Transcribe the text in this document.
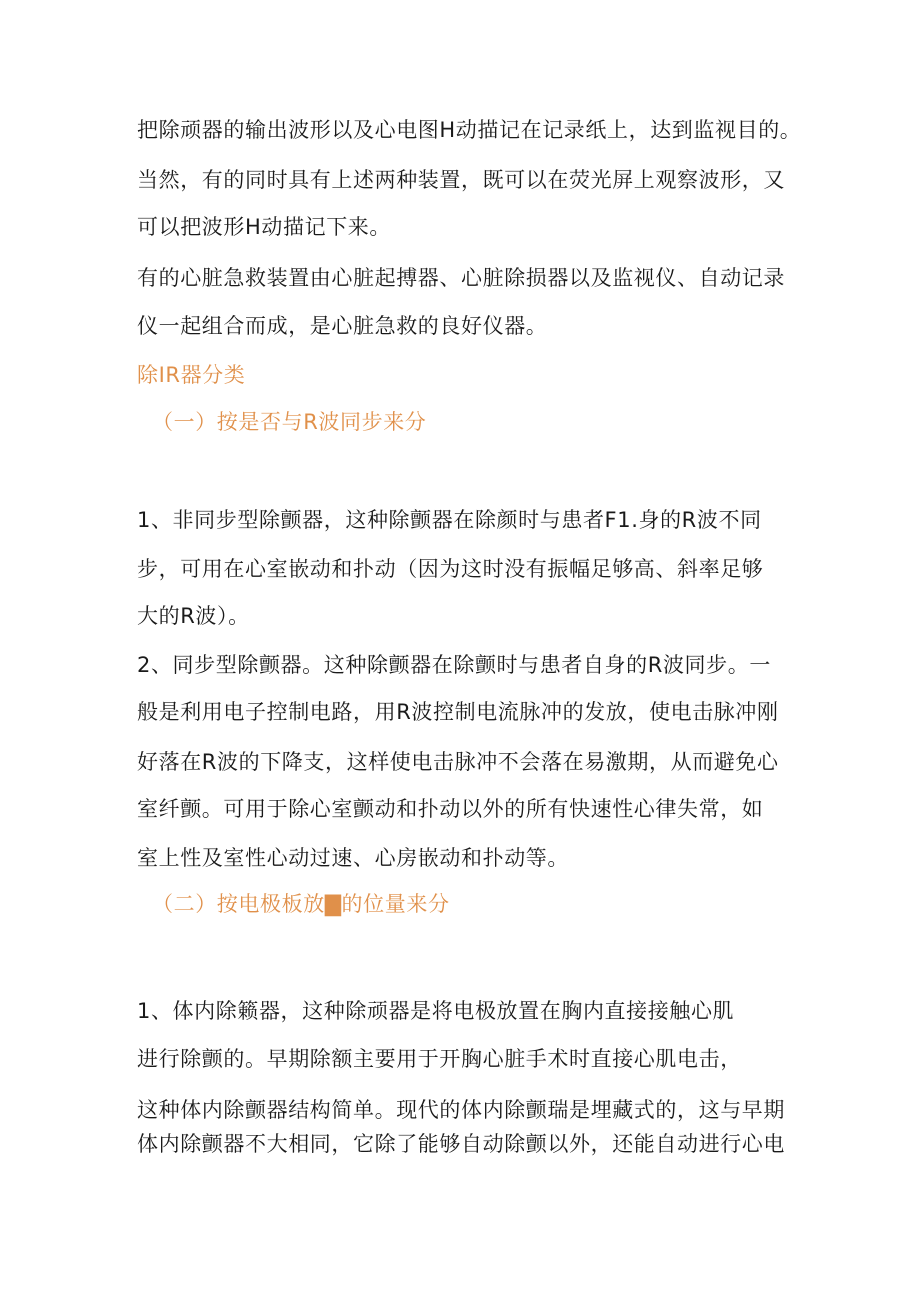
把除顽器的输出波形以及心电图H动描记在记录纸上，达到监视目的。
当然，有的同时具有上述两种装置，既可以在荧光屏上观察波形，又
可以把波形H动描记下来。
有的心脏急救装置由心脏起搏器、心脏除损器以及监视仪、自动记录
仪一起组合而成，是心脏急救的良好仪器。
除IR器分类
（一）按是否与R波同步来分
1、非同步型除颤器，这种除颤器在除颜时与患者F1.身的R波不同
步，可用在心室嵌动和扑动（因为这时没有振幅足够高、斜率足够
大的R波）。
2、同步型除颤器。这种除颤器在除颤时与患者自身的R波同步。一
般是利用电子控制电路，用R波控制电流脉冲的发放，使电击脉冲刚
好落在R波的下降支，这样使电击脉冲不会落在易激期，从而避免心
室纤颤。可用于除心室颤动和扑动以外的所有快速性心律失常，如
室上性及室性心动过速、心房嵌动和扑动等。
（二）按电极板放▇的位量来分
1、体内除籁器，这种除顽器是将电极放置在胸内直接接触心肌
进行除颤的。早期除额主要用于开胸心脏手术时直接心肌电击，
这种体内除颤器结构简单。现代的体内除颤瑞是埋藏式的，这与早期
体内除颤器不大相同，它除了能够自动除颤以外，还能自动进行心电
